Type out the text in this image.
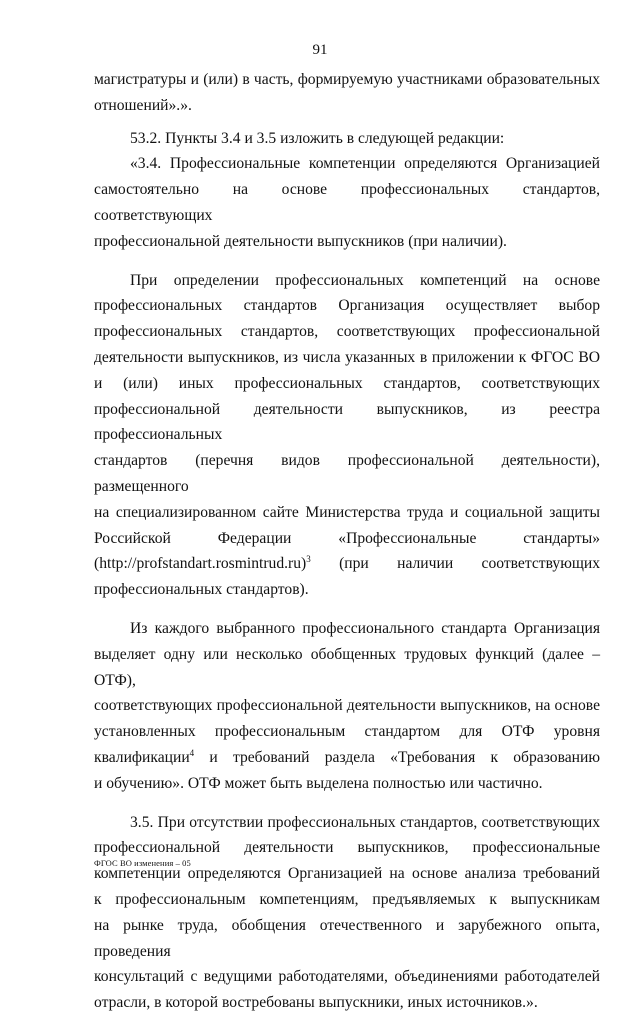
91
магистратуры и (или) в часть, формируемую участниками образовательных
отношений».».
53.2. Пункты 3.4 и 3.5 изложить в следующей редакции:
«3.4. Профессиональные компетенции определяются Организацией
самостоятельно на основе профессиональных стандартов, соответствующих
профессиональной деятельности выпускников (при наличии).
При определении профессиональных компетенций на основе
профессиональных стандартов Организация осуществляет выбор
профессиональных стандартов, соответствующих профессиональной
деятельности выпускников, из числа указанных в приложении к ФГОС ВО
и (или) иных профессиональных стандартов, соответствующих
профессиональной деятельности выпускников, из реестра профессиональных
стандартов (перечня видов профессиональной деятельности), размещенного
на специализированном сайте Министерства труда и социальной защиты
Российской Федерации «Профессиональные стандарты»
(http://profstandart.rosmintrud.ru)$^3$ (при наличии соответствующих
профессиональных стандартов).
Из каждого выбранного профессионального стандарта Организация
выделяет одну или несколько обобщенных трудовых функций (далее – ОТФ),
соответствующих профессиональной деятельности выпускников, на основе
установленных профессиональным стандартом для ОТФ уровня
квалификации$^4$ и требований раздела «Требования к образованию
и обучению». ОТФ может быть выделена полностью или частично.
3.5. При отсутствии профессиональных стандартов, соответствующих
профессиональной деятельности выпускников, профессиональные
компетенции определяются Организацией на основе анализа требований
к профессиональным компетенциям, предъявляемых к выпускникам
на рынке труда, обобщения отечественного и зарубежного опыта, проведения
консультаций с ведущими работодателями, объединениями работодателей
отрасли, в которой востребованы выпускники, иных источников.».
ФГОС ВО изменения – 05
